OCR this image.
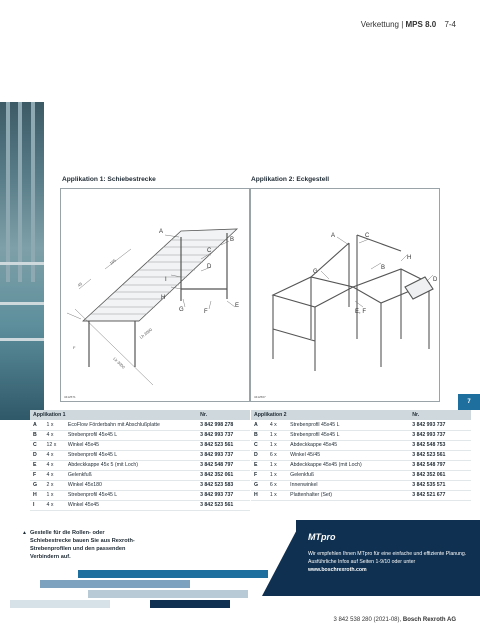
Verkettung | MPS 8.0 7-4
Applikation 1: Schiebestrecke	Applikation 2: Eckgestell
A
B
C
D
E
F
G
H
I
165
45
Lh 2000
Lk 3000
F
3412571
A	C
B
H
D
G
E, F
3412567
7
Applikation 1			Nr.
A	1 x	EcoFlow Förderbahn mit Abschlußplatte	3 842 998 278
B	4 x	Strebenprofil 45x45 L	3 842 993 737
C	12 x	Winkel 45x45	3 842 523 561
D	4 x	Strebenprofil 45x45 L	3 842 993 737
E	4 x	Abdeckkappe 45x 5 (mit Loch)	3 842 548 797
F	4 x	Gelenkfuß	3 842 352 061
G	2 x	Winkel 45x180	3 842 523 583
H	1 x	Strebenprofil 45x45 L	3 842 993 737
I	4 x	Winkel 45x45	3 842 523 561
Applikation 2			Nr.
A	4 x	Strebenprofil 45x45 L	3 842 993 737
B	1 x	Strebenprofil 45x45 L	3 842 993 737
C	1 x	Abdeckkappe 45x45	3 842 548 753
D	6 x	Winkel 45/45	3 842 523 561
E	1 x	Abdeckkappe 45x45 (mit Loch)	3 842 548 797
F	1 x	Gelenkfuß	3 842 352 061
G	6 x	Innenwinkel	3 842 535 571
H	1 x	Plattenhalter (Set)	3 842 521 677
▲ Gestelle für die Rollen- oder Schiebestrecke bauen Sie aus Rexroth-Strebenprofilen und den passenden Verbindern auf.
MTpro
Wir empfehlen Ihnen MTpro für eine einfache und effiziente Planung. Ausführliche Infos auf Seiten 1-9/10 oder unter www.boschrexroth.com
3 842 538 280 (2021-08), Bosch Rexroth AG
